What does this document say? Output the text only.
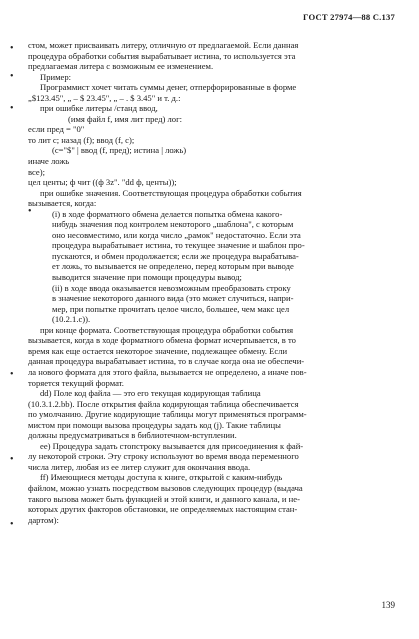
ГОСТ 27974—88 С.137
•
•
•
•
•
•
•
стом, может присваивать литеру, отличную от предлагаемой. Если данная
процедура обработки события вырабатывает истина, то используется эта
предлагаемая литера с возможным ее изменением.
Пример:
Программист хочет читать суммы денег, отперфорированные в форме
„$123.45", „ – $ 23.45", „ – . $ 3.45" и т. д.:
при ошибке литеры /станд ввод,
(имя файл f, имя лит пред) лог:
если пред = "0"
то лит с; назад (f); ввод (f, c);
(c="$" | ввод (f, пред); истина | ложь)
иначе ложь
все);
цел центы; ф чит ((ф 3z". "dd ф, центы));
при ошибке значения. Соответствующая процедура обработки события
вызывается, когда:
(i) в ходе форматного обмена делается попытка обмена какого-
нибудь значения под контролем некоторого „шаблона", с которым
оно несовместимо, или когда число „рамок" недостаточно. Если эта
процедура вырабатывает истина, то текущее значение и шаблон про-
пускаются, и обмен продолжается; если же процедура вырабатыва-
ет ложь, то вызывается не определено, перед которым при выводе
выводится значение при помощи процедуры вывод;
(ii) в ходе ввода оказывается невозможным преобразовать строку
в значение некоторого данного вида (это может случиться, напри-
мер, при попытке прочитать целое число, большее, чем макс цел
(10.2.1.c)).
при конце формата. Соответствующая процедура обработки события
вызывается, когда в ходе форматного обмена формат исчерпывается, в то
время как еще остается некоторое значение, подлежащее обмену. Если
данная процедура вырабатывает истина, то в случае когда она не обеспечи-
ла нового формата для этого файла, вызывается не определено, а иначе пов-
торяется текущий формат.
dd) Поле код файла — это его текущая кодирующая таблица
(10.3.1.2.bb). После открытия файла кодирующая таблица обеспечивается
по умолчанию. Другие кодирующие таблицы могут применяться программ-
мистом при помощи вызова процедуры задать код (j). Такие таблицы
должны предусматриваться в библиотечном-вступлении.
ее) Процедура задать стопстроку вызывается для присоединения к фай-
лу некоторой строки. Эту строку используют во время ввода переменного
числа литер, любая из ее литер служит для окончания ввода.
ff) Имеющиеся методы доступа к книге, открытой с каким-нибудь
файлом, можно узнать посредством вызовов следующих процедур (выдача
такого вызова может быть функцией и этой книги, и данного канала, и не-
которых других факторов обстановки, не определяемых настоящим стан-
дартом):
139
